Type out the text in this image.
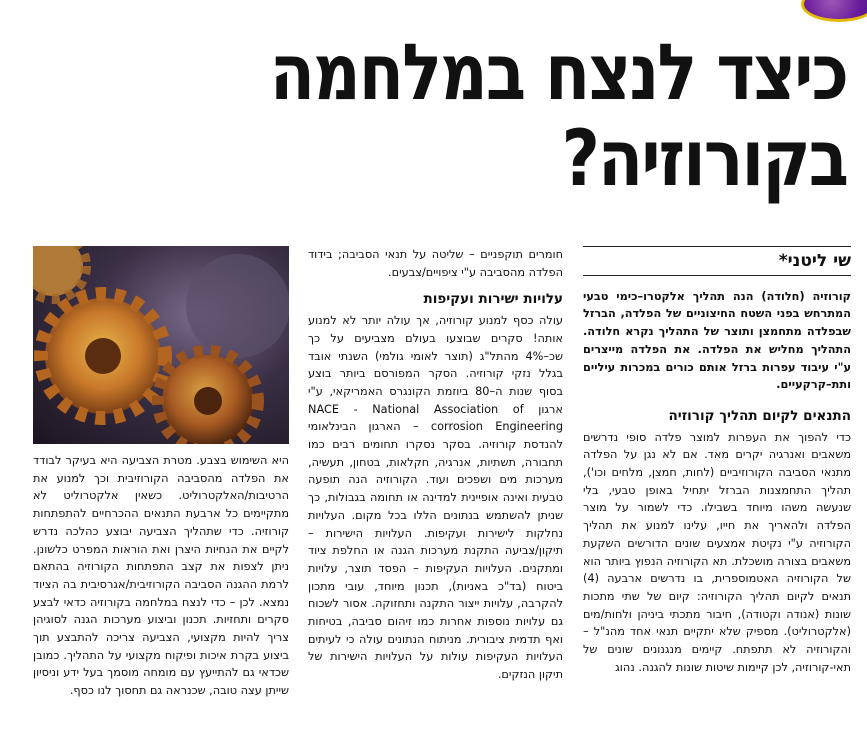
כיצד לנצח במלחמה
בקורוזיה?
שי ליטני*

קורוזיה (חלודה) הנה תהליך אלקטרו–כימי טבעי המתרחש בפני השטח החיצוניים של הפלדה, הברזל שבפלדה מתחמצן ותוצר של התהליך נקרא חלודה. התהליך מחליש את הפלדה. את הפלדה מייצרים ע"י עיבוד עפרות ברזל אותם כורים במכרות עיליים ותת–קרקעיים.

התנאים לקיום תהליך קורוזיה

כדי להפוך את העפרות למוצר פלדה סופי נדרשים משאבים ואנרגיה יקרים מאד. אם לא נגן על הפלדה מתנאי הסביבה הקורוזיביים (לחות, חמצן, מלחים וכו'), תהליך התחמצנות הברזל יתחיל באופן טבעי, בלי שנעשה משהו מיוחד בשבילו. כדי לשמור על מוצר הפלדה ולהאריך את חייו, עלינו למנוע את תהליך הקורוזיה ע"י נקיטת אמצעים שונים הדורשים השקעת משאבים בצורה מושכלת. תא הקורוזיה הנפוץ ביותר הוא של הקורוזיה האטמוספרית, בו נדרשים ארבעה (4) תנאים לקיום תהליך הקורוזיה: קיום של שתי מתכות שונות (אנודה וקטודה), חיבור מתכתי ביניהן ולחות/מים (אלקטרוליט). מספיק שלא יתקיים תנאי אחד מהנ"ל – והקורוזיה לא תתפתח. קיימים מנגנונים שונים של תאי-קורוזיה, לכן קיימות שיטות שונות להגנה. נהוג

חומרים תוקפניים – שליטה על תנאי הסביבה; בידוד הפלדה מהסביבה ע"י ציפויים/צבעים.

עלויות ישירות ועקיפות

עולה כסף למנוע קורוזיה, אך עולה יותר לא למנוע אותה! סקרים שבוצעו בעולם מצביעים על כך שכ–4% מהתל"ג (תוצר לאומי גולמי) השנתי אובד בגלל נזקי קורוזיה. הסקר המפורסם ביותר בוצע בסוף שנות ה–80 ביוזמת הקונגרס האמריקאי, ע"י ארגון NACE - National Association of corrosion Engineering – הארגון הבינלאומי להנדסת קורוזיה. בסקר נסקרו תחומים רבים כמו תחבורה, תשתיות, אנרגיה, חקלאות, בטחון, תעשיה, מערכות מים ושפכים ועוד. הקורוזיה הנה תופעה טבעית ואינה אופיינית למדינה או תחומה בגבולות, כך שניתן להשתמש בנתונים הללו בכל מקום. העלויות נחלקות לישירות ועקיפות. העלויות הישירות – תיקון/צביעה התקנת מערכות הגנה או החלפת ציוד ומתקנים. העלויות העקיפות – הפסד תוצר, עלויות ביטוח (בד"כ באניות), תכנון מיוחד, עובי מתכון להקרבה, עלויות ייצור התקנה ותחזוקה. אסור לשכוח גם עלויות נוספות אחרות כמו זיהום סביבה, בטיחות ואף תדמית ציבורית. מניתוח הנתונים עולה כי לעיתים העלויות העקיפות עולות על העלויות הישירות של תיקון הנזקים.

היא השימוש בצבע. מטרת הצביעה היא בעיקר לבודד את הפלדה מהסביבה הקורוזיבית וכך למנוע את הרטיבות/האלקטרוליט. כשאין אלקטרוליט לא מתקיימים כל ארבעת התנאים ההכרחיים להתפתחות קורוזיה. כדי שתהליך הצביעה יבוצע כהלכה נדרש לקיים את הנחיות היצרן ואת הוראות המפרט כלשונן. ניתן לצפות את קצב התפתחות הקורוזיה בהתאם לרמת ההגנה הסביבה הקורוזיבית/אגרסיבית בה הציוד נמצא. לכן – כדי לנצח במלחמה בקורוזיה כדאי לבצע סקרים ותחזיות. תכנון וביצוע מערכות הגנה לסוגיהן צריך להיות מקצועי, הצביעה צריכה להתבצע תוך ביצוע בקרת איכות ופיקוח מקצועי על התהליך. כמובן שכדאי גם להתייעץ עם מומחה מוסמך בעל ידע וניסיון שייתן עצה טובה, שכנראה גם תחסוך לנו כסף.
